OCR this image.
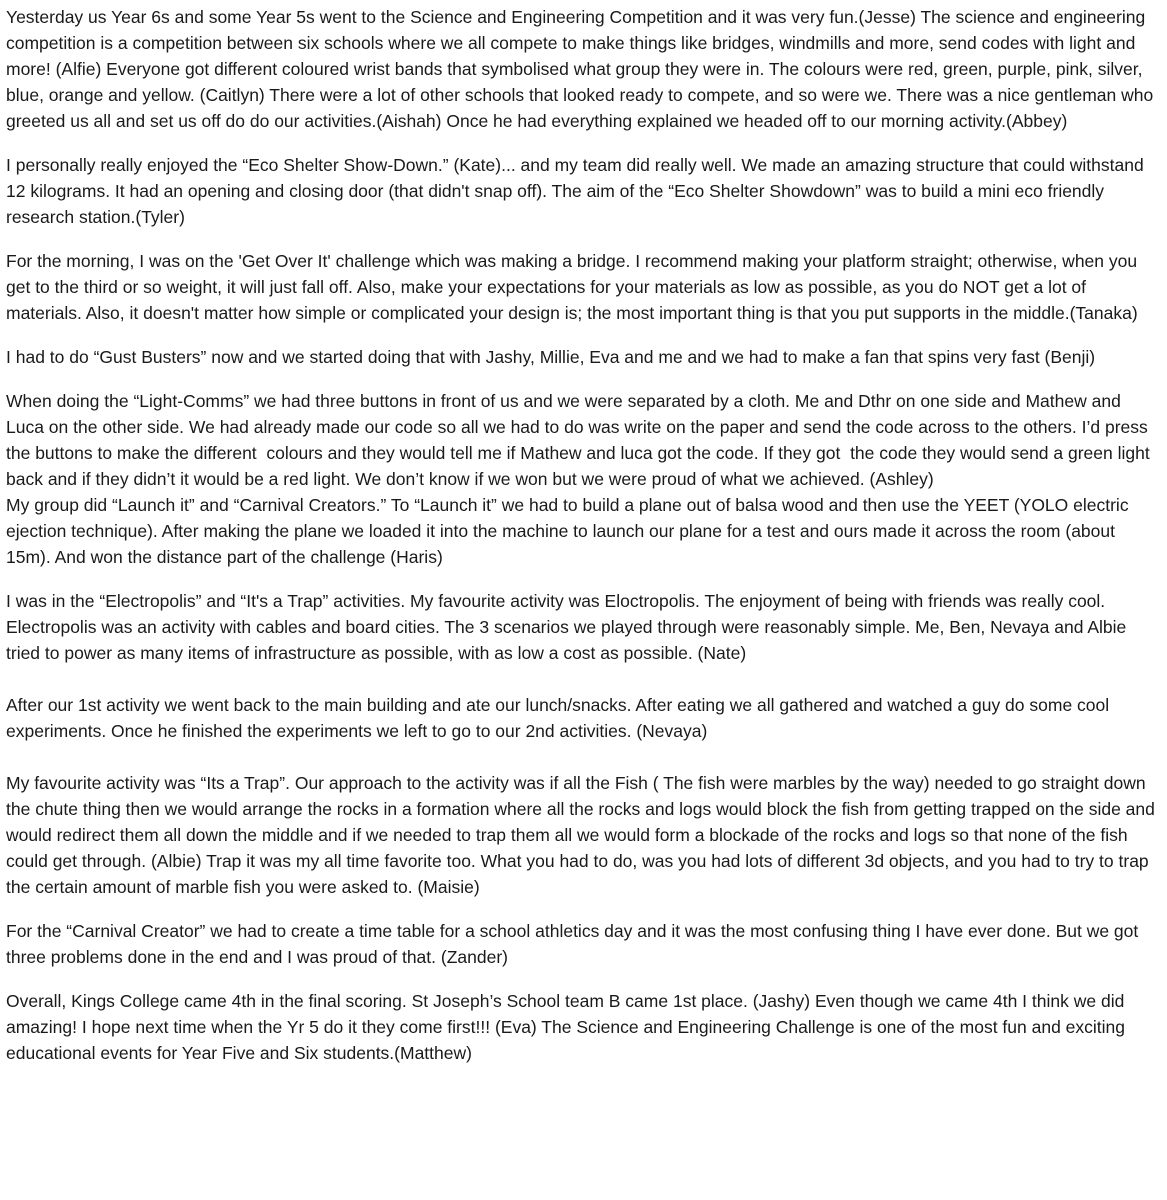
Yesterday us Year 6s and some Year 5s went to the Science and Engineering Competition and it was very fun.(Jesse) The science and engineering competition is a competition between six schools where we all compete to make things like bridges, windmills and more, send codes with light and more! (Alfie) Everyone got different coloured wrist bands that symbolised what group they were in. The colours were red, green, purple, pink, silver, blue, orange and yellow. (Caitlyn) There were a lot of other schools that looked ready to compete, and so were we. There was a nice gentleman who greeted us all and set us off do do our activities.(Aishah) Once he had everything explained we headed off to our morning activity.(Abbey)

I personally really enjoyed the “Eco Shelter Show-Down.” (Kate)... and my team did really well. We made an amazing structure that could withstand 12 kilograms. It had an opening and closing door (that didn't snap off). The aim of the “Eco Shelter Showdown” was to build a mini eco friendly research station.(Tyler)

For the morning, I was on the 'Get Over It' challenge which was making a bridge. I recommend making your platform straight; otherwise, when you get to the third or so weight, it will just fall off. Also, make your expectations for your materials as low as possible, as you do NOT get a lot of materials. Also, it doesn't matter how simple or complicated your design is; the most important thing is that you put supports in the middle.(Tanaka)

I had to do “Gust Busters” now and we started doing that with Jashy, Millie, Eva and me and we had to make a fan that spins very fast (Benji)

When doing the “Light-Comms” we had three buttons in front of us and we were separated by a cloth. Me and Dthr on one side and Mathew and Luca on the other side. We had already made our code so all we had to do was write on the paper and send the code across to the others. I’d press the buttons to make the different  colours and they would tell me if Mathew and luca got the code. If they got  the code they would send a green light back and if they didn’t it would be a red light. We don’t know if we won but we were proud of what we achieved. (Ashley)

My group did “Launch it” and “Carnival Creators.” To “Launch it” we had to build a plane out of balsa wood and then use the YEET (YOLO electric ejection technique). After making the plane we loaded it into the machine to launch our plane for a test and ours made it across the room (about 15m). And won the distance part of the challenge (Haris)

I was in the “Electropolis” and “It's a Trap” activities. My favourite activity was Eloctropolis. The enjoyment of being with friends was really cool. Electropolis was an activity with cables and board cities. The 3 scenarios we played through were reasonably simple. Me, Ben, Nevaya and Albie tried to power as many items of infrastructure as possible, with as low a cost as possible. (Nate)

After our 1st activity we went back to the main building and ate our lunch/snacks. After eating we all gathered and watched a guy do some cool experiments. Once he finished the experiments we left to go to our 2nd activities. (Nevaya)

My favourite activity was “Its a Trap”. Our approach to the activity was if all the Fish ( The fish were marbles by the way) needed to go straight down the chute thing then we would arrange the rocks in a formation where all the rocks and logs would block the fish from getting trapped on the side and would redirect them all down the middle and if we needed to trap them all we would form a blockade of the rocks and logs so that none of the fish could get through. (Albie) Trap it was my all time favorite too. What you had to do, was you had lots of different 3d objects, and you had to try to trap the certain amount of marble fish you were asked to. (Maisie)

For the “Carnival Creator” we had to create a time table for a school athletics day and it was the most confusing thing I have ever done. But we got three problems done in the end and I was proud of that. (Zander)

Overall, Kings College came 4th in the final scoring. St Joseph’s School team B came 1st place. (Jashy) Even though we came 4th I think we did amazing! I hope next time when the Yr 5 do it they come first!!! (Eva) The Science and Engineering Challenge is one of the most fun and exciting educational events for Year Five and Six students.(Matthew)
